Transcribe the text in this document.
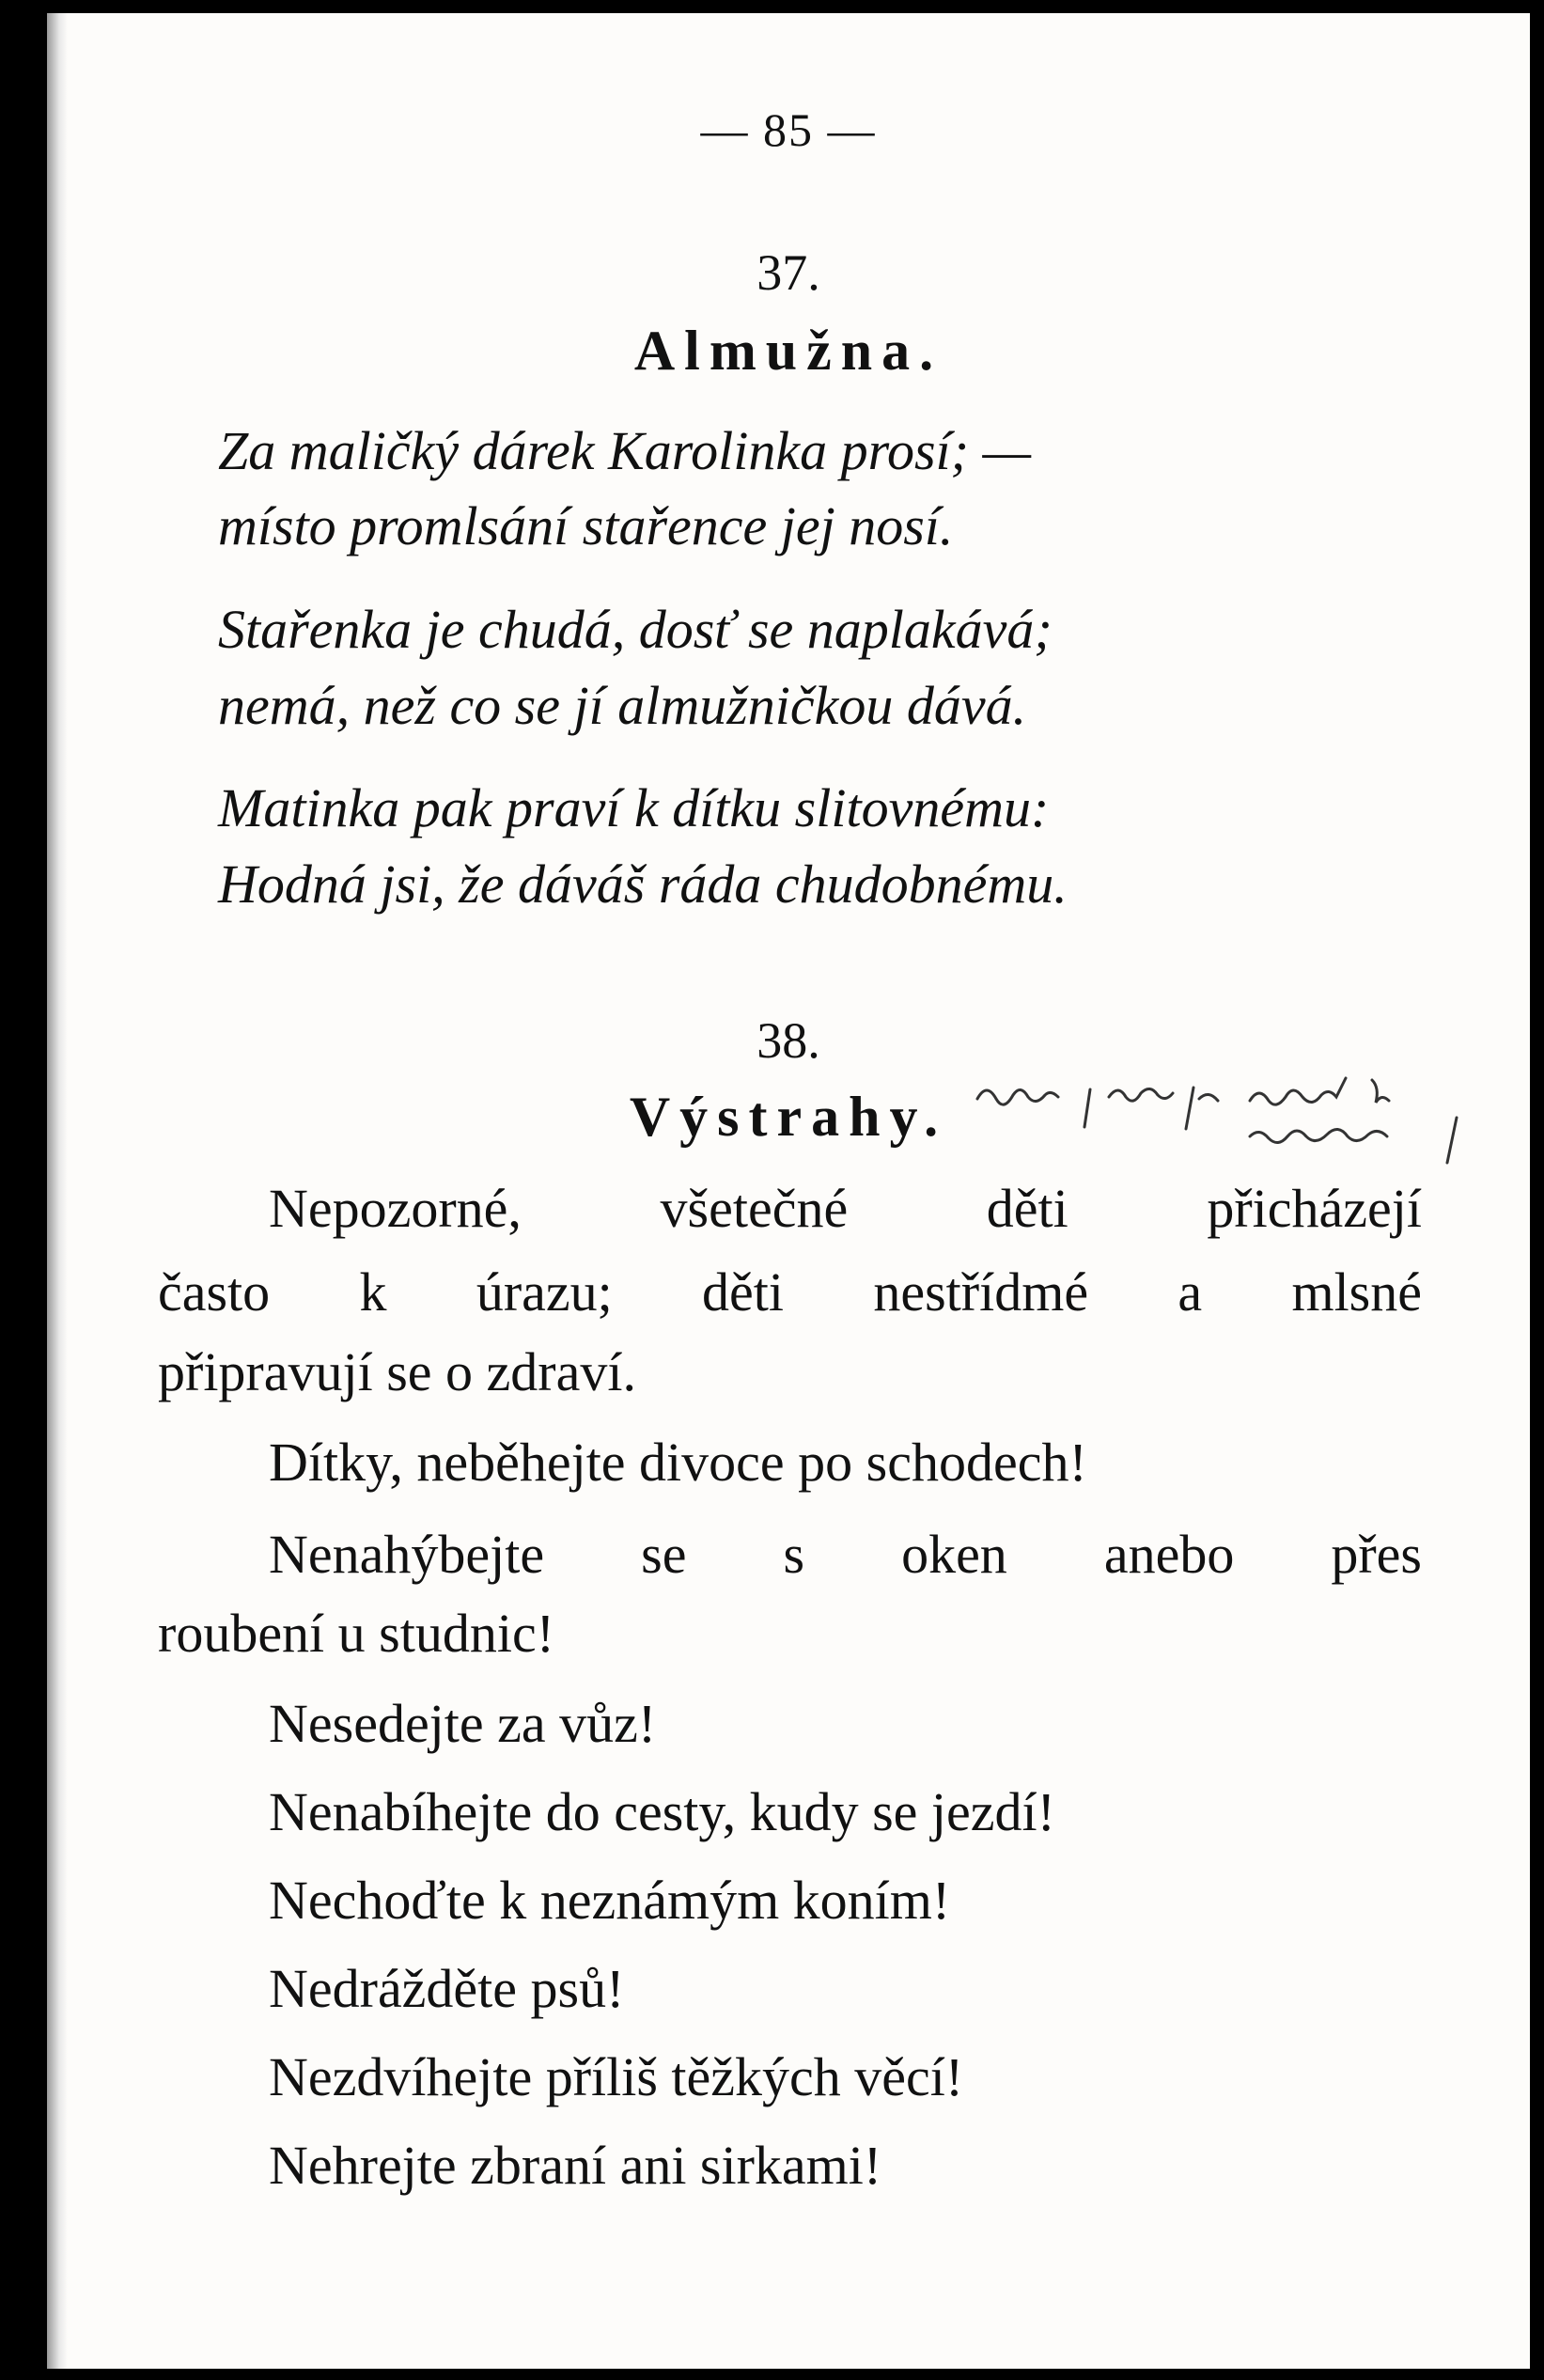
— 85 —
37.
Almužna.
Za maličký dárek Karolinka prosí; —
místo promlsání stařence jej nosí.
Stařenka je chudá, dosť se naplakává;
nemá, než co se jí almužničkou dává.
Matinka pak praví k dítku slitovnému:
Hodná jsi, že dáváš ráda chudobnému.
38.
Výstrahy.
Nepozorné, všetečné děti přicházejí
často k úrazu; děti nestřídmé a mlsné
připravují se o zdraví.
Dítky, neběhejte divoce po schodech!
Nenahýbejte se s oken anebo přes
roubení u studnic!
Nesedejte za vůz!
Nenabíhejte do cesty, kudy se jezdí!
Nechoďte k neznámým koním!
Nedrážděte psů!
Nezdvíhejte příliš těžkých věcí!
Nehrejte zbraní ani sirkami!
